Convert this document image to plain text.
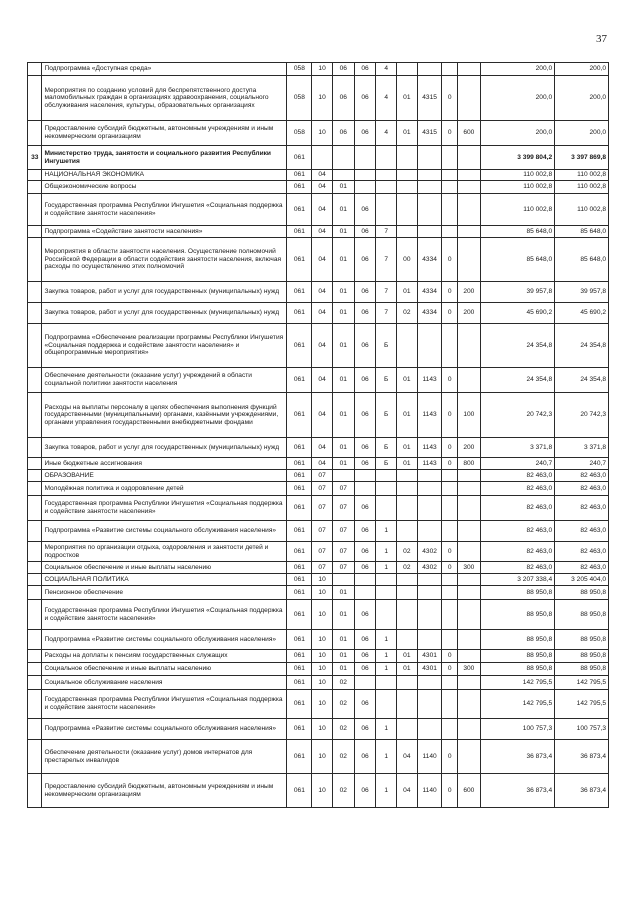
37
	Подпрограмма «Доступная среда»	058	10	06	06	4					200,0	200,0
	Мероприятия по созданию условий для беспрепятственного доступа маломобильных граждан в организациях здравоохранения, социального обслуживания населения, культуры, образовательных организациях	058	10	06	06	4	01	4315	0		200,0	200,0
	Предоставление субсидий бюджетным, автономным учреждениям и иным некоммерческим организациям	058	10	06	06	4	01	4315	0	600	200,0	200,0
33	Министерство труда, занятости и социального развития Республики Ингушетия	061									3 399 804,2	3 397 869,8
	НАЦИОНАЛЬНАЯ ЭКОНОМИКА	061	04								110 002,8	110 002,8
	Общеэкономические вопросы	061	04	01							110 002,8	110 002,8
	Государственная программа Республики Ингушетия «Социальная поддержка и содействие занятости населения»	061	04	01	06						110 002,8	110 002,8
	Подпрограмма «Содействие занятости населения»	061	04	01	06	7					85 648,0	85 648,0
	Мероприятия в области занятости населения. Осуществление полномочий Российской Федерации в области содействия занятости населения, включая расходы по осуществлению этих полномочий	061	04	01	06	7	00	4334	0		85 648,0	85 648,0
	Закупка товаров, работ и услуг для государственных (муниципальных) нужд	061	04	01	06	7	01	4334	0	200	39 957,8	39 957,8
	Закупка товаров, работ и услуг для государственных (муниципальных) нужд	061	04	01	06	7	02	4334	0	200	45 690,2	45 690,2
	Подпрограмма «Обеспечение реализации программы Республики Ингушетия «Социальная поддержка и содействие занятости населения» и общепрограммные мероприятия»	061	04	01	06	Б					24 354,8	24 354,8
	Обеспечение деятельности (оказание услуг) учреждений в области социальной политики занятости населения	061	04	01	06	Б	01	1143	0		24 354,8	24 354,8
	Расходы на выплаты персоналу в целях обеспечения выполнения функций государственными (муниципальными) органами, казёнными учреждениями, органами управления государственными внебюджетными фондами	061	04	01	06	Б	01	1143	0	100	20 742,3	20 742,3
	Закупка товаров, работ и услуг для государственных (муниципальных) нужд	061	04	01	06	Б	01	1143	0	200	3 371,8	3 371,8
	Иные бюджетные ассигнования	061	04	01	06	Б	01	1143	0	800	240,7	240,7
	ОБРАЗОВАНИЕ	061	07								82 463,0	82 463,0
	Молодёжная политика и оздоровление детей	061	07	07							82 463,0	82 463,0
	Государственная программа Республики Ингушетия «Социальная поддержка и содействие занятости населения»	061	07	07	06						82 463,0	82 463,0
	Подпрограмма «Развитие системы социального обслуживания населения»	061	07	07	06	1					82 463,0	82 463,0
	Мероприятия по организации отдыха, оздоровления и занятости детей и подростков	061	07	07	06	1	02	4302	0		82 463,0	82 463,0
	Социальное обеспечение и иные выплаты населению	061	07	07	06	1	02	4302	0	300	82 463,0	82 463,0
	СОЦИАЛЬНАЯ ПОЛИТИКА	061	10								3 207 338,4	3 205 404,0
	Пенсионное обеспечение	061	10	01							88 950,8	88 950,8
	Государственная программа Республики Ингушетия «Социальная поддержка и содействие занятости населения»	061	10	01	06						88 950,8	88 950,8
	Подпрограмма «Развитие системы социального обслуживания населения»	061	10	01	06	1					88 950,8	88 950,8
	Расходы на доплаты к пенсиям государственных служащих	061	10	01	06	1	01	4301	0		88 950,8	88 950,8
	Социальное обеспечение и иные выплаты населению	061	10	01	06	1	01	4301	0	300	88 950,8	88 950,8
	Социальное обслуживание населения	061	10	02							142 795,5	142 795,5
	Государственная программа Республики Ингушетия «Социальная поддержка и содействие занятости населения»	061	10	02	06						142 795,5	142 795,5
	Подпрограмма «Развитие системы социального обслуживания населения»	061	10	02	06	1					100 757,3	100 757,3
	Обеспечение деятельности (оказание услуг) домов интернатов для престарелых инвалидов	061	10	02	06	1	04	1140	0		36 873,4	36 873,4
	Предоставление субсидий бюджетным, автономным учреждениям и иным некоммерческим организациям	061	10	02	06	1	04	1140	0	600	36 873,4	36 873,4
